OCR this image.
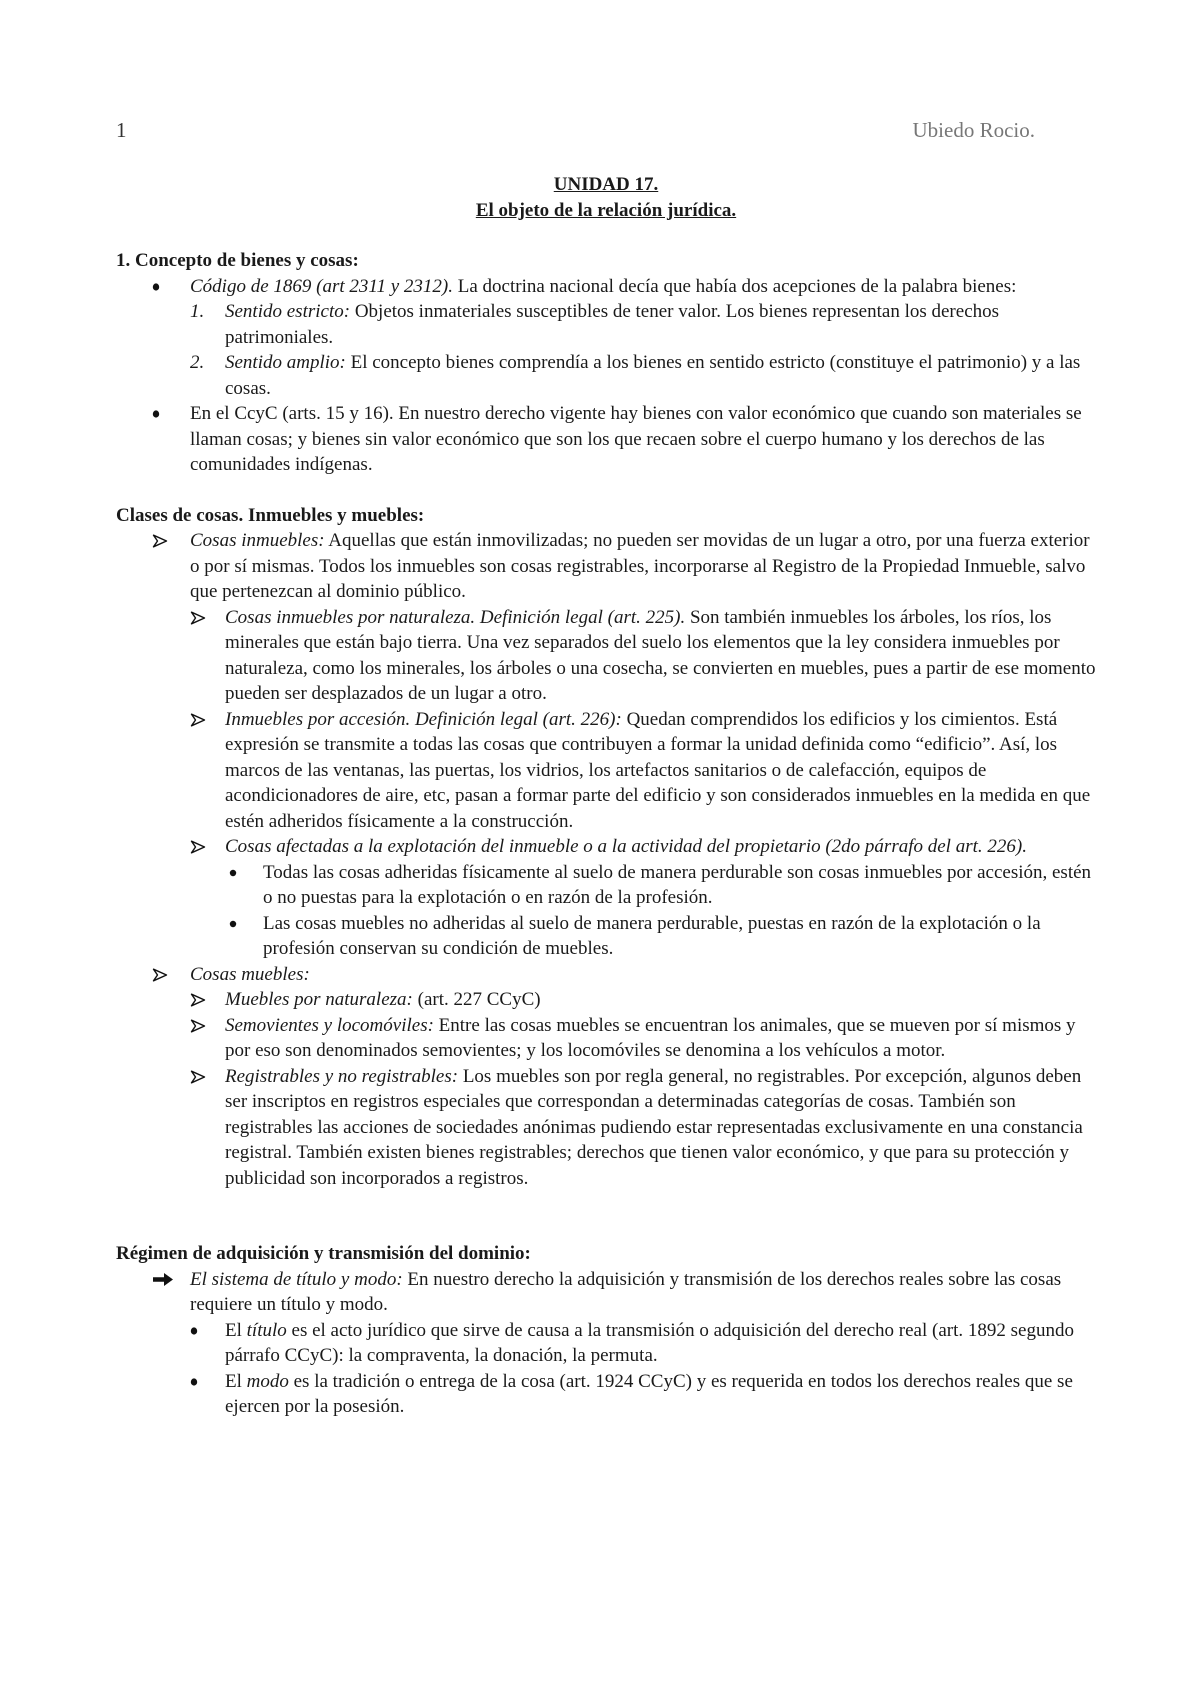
1	Ubiedo Rocio.

UNIDAD 17.

El objeto de la relación jurídica.

1. Concepto de bienes y cosas:

Código de 1869 (art 2311 y 2312). La doctrina nacional decía que había dos acepciones de la palabra bienes:

1. Sentido estricto: Objetos inmateriales susceptibles de tener valor. Los bienes representan los derechos patrimoniales.

2. Sentido amplio: El concepto bienes comprendía a los bienes en sentido estricto (constituye el patrimonio) y a las cosas.

En el CcyC (arts. 15 y 16). En nuestro derecho vigente hay bienes con valor económico que cuando son materiales se llaman cosas; y bienes sin valor económico que son los que recaen sobre el cuerpo humano y los derechos de las comunidades indígenas.

Clases de cosas. Inmuebles y muebles:

Cosas inmuebles: Aquellas que están inmovilizadas; no pueden ser movidas de un lugar a otro, por una fuerza exterior o por sí mismas. Todos los inmuebles son cosas registrables, incorporarse al Registro de la Propiedad Inmueble, salvo que pertenezcan al dominio público.

Cosas inmuebles por naturaleza. Definición legal (art. 225). Son también inmuebles los árboles, los ríos, los minerales que están bajo tierra. Una vez separados del suelo los elementos que la ley considera inmuebles por naturaleza, como los minerales, los árboles o una cosecha, se convierten en muebles, pues a partir de ese momento pueden ser desplazados de un lugar a otro.

Inmuebles por accesión. Definición legal (art. 226): Quedan comprendidos los edificios y los cimientos. Está expresión se transmite a todas las cosas que contribuyen a formar la unidad definida como “edificio”. Así, los marcos de las ventanas, las puertas, los vidrios, los artefactos sanitarios o de calefacción, equipos de acondicionadores de aire, etc, pasan a formar parte del edificio y son considerados inmuebles en la medida en que estén adheridos físicamente a la construcción.

Cosas afectadas a la explotación del inmueble o a la actividad del propietario (2do párrafo del art. 226).

Todas las cosas adheridas físicamente al suelo de manera perdurable son cosas inmuebles por accesión, estén o no puestas para la explotación o en razón de la profesión.

Las cosas muebles no adheridas al suelo de manera perdurable, puestas en razón de la explotación o la profesión conservan su condición de muebles.

Cosas muebles:

Muebles por naturaleza: (art. 227 CCyC)

Semovientes y locomóviles: Entre las cosas muebles se encuentran los animales, que se mueven por sí mismos y por eso son denominados semovientes; y los locomóviles se denomina a los vehículos a motor.

Registrables y no registrables: Los muebles son por regla general, no registrables. Por excepción, algunos deben ser inscriptos en registros especiales que correspondan a determinadas categorías de cosas. También son registrables las acciones de sociedades anónimas pudiendo estar representadas exclusivamente en una constancia registral. También existen bienes registrables; derechos que tienen valor económico, y que para su protección y publicidad son incorporados a registros.

Régimen de adquisición y transmisión del dominio:

El sistema de título y modo: En nuestro derecho la adquisición y transmisión de los derechos reales sobre las cosas requiere un título y modo.

El título es el acto jurídico que sirve de causa a la transmisión o adquisición del derecho real (art. 1892 segundo párrafo CCyC): la compraventa, la donación, la permuta.

El modo es la tradición o entrega de la cosa (art. 1924 CCyC) y es requerida en todos los derechos reales que se ejercen por la posesión.
